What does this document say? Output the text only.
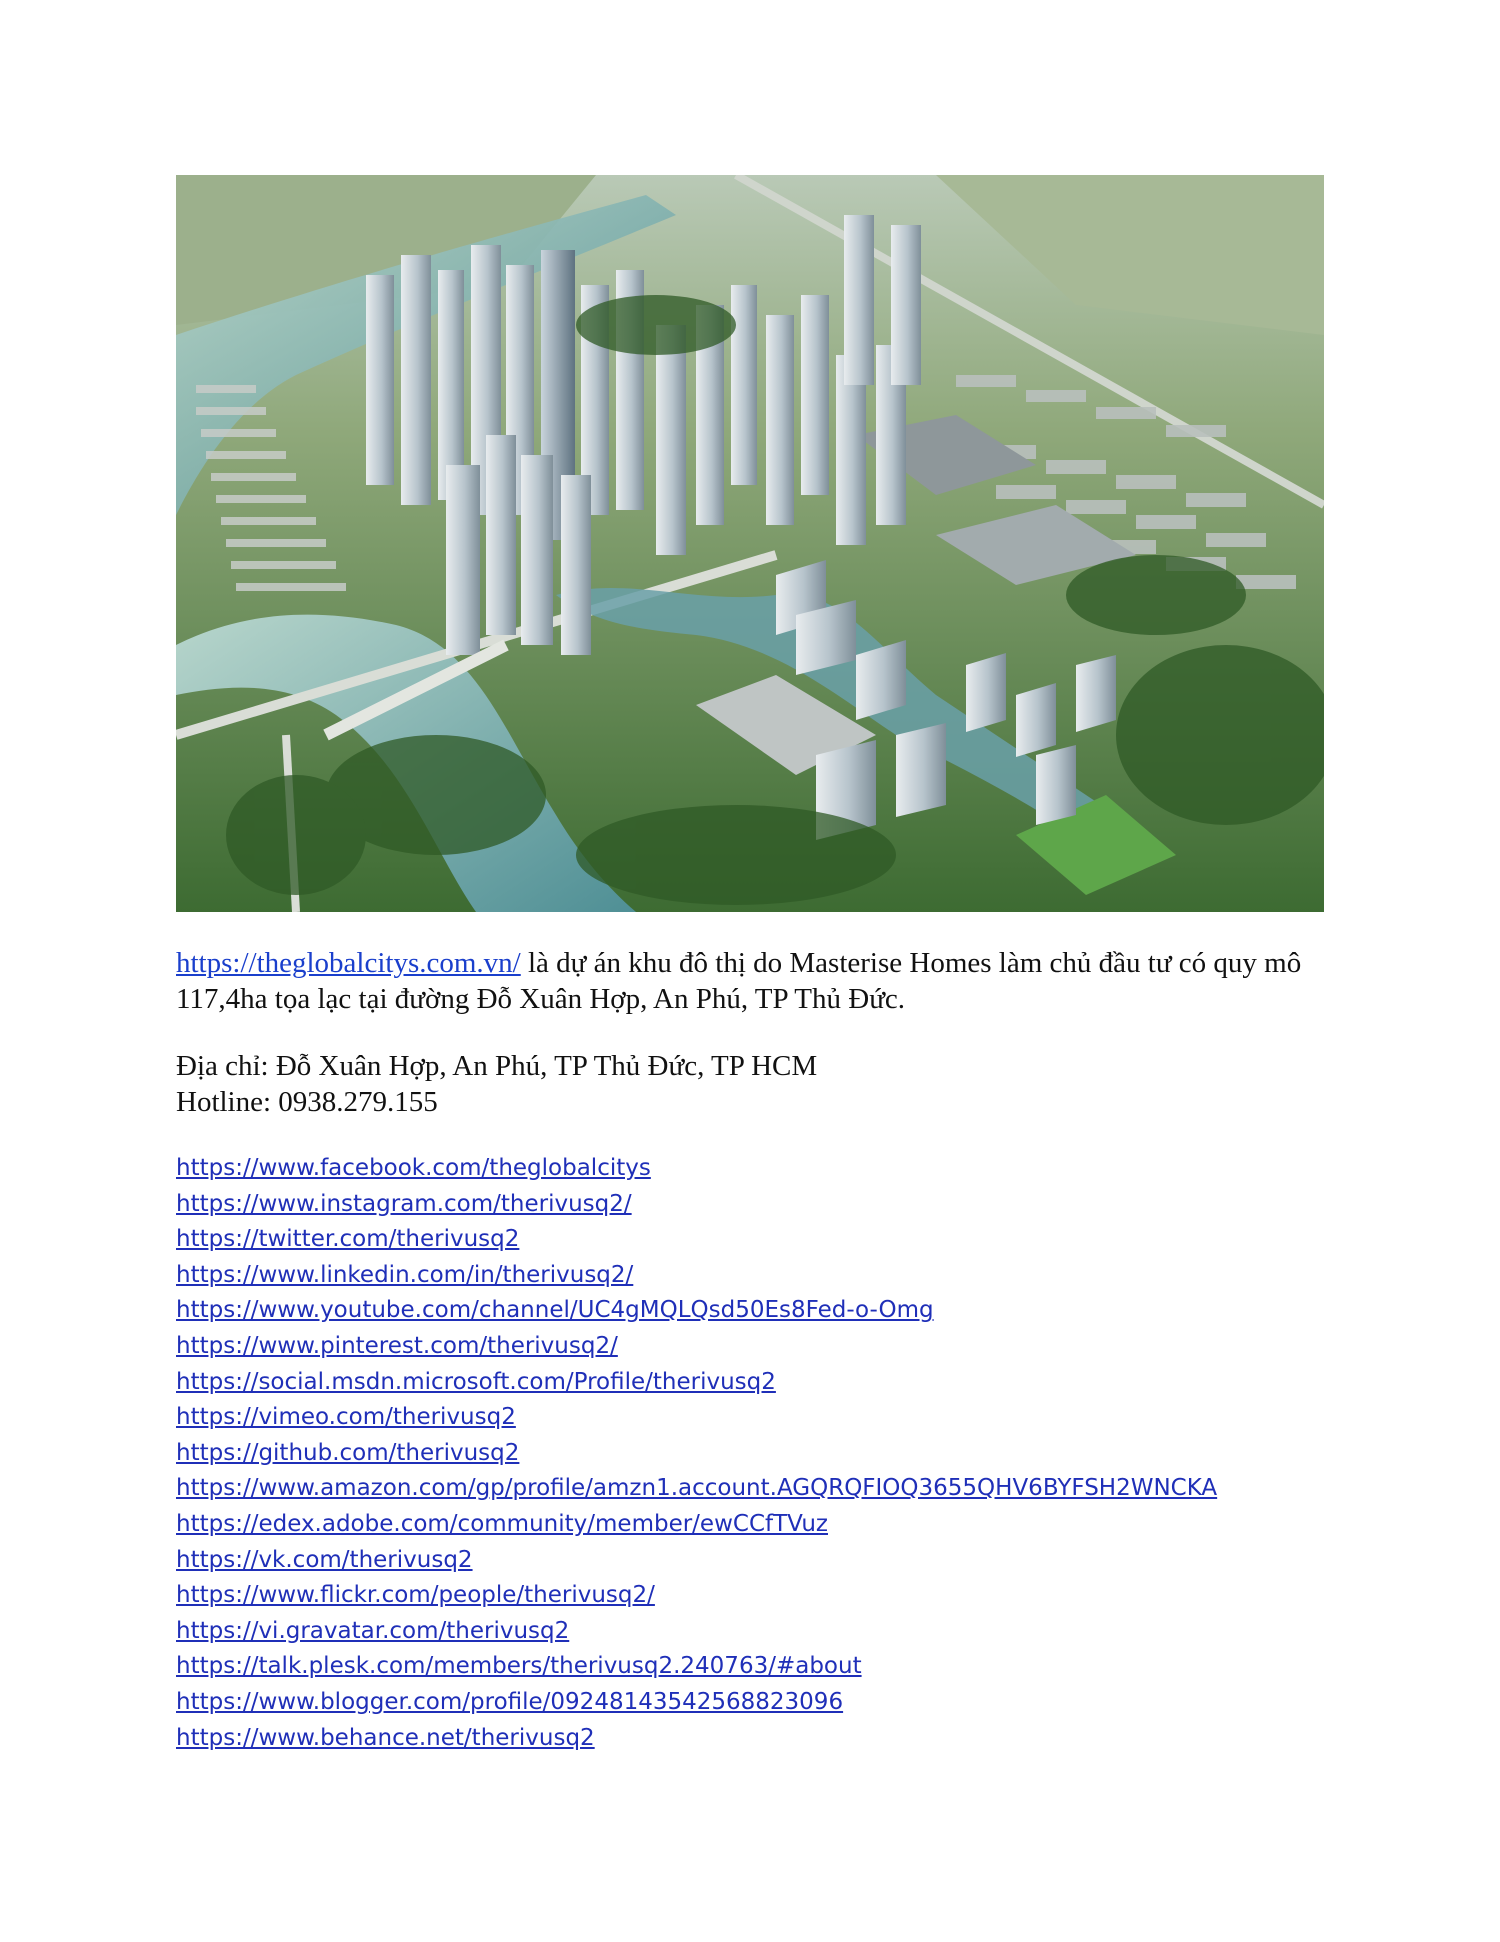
https://theglobalcitys.com.vn/ là dự án khu đô thị do Masterise Homes làm chủ đầu tư có quy mô 117,4ha tọa lạc tại đường Đỗ Xuân Hợp, An Phú, TP Thủ Đức.
Địa chỉ: Đỗ Xuân Hợp, An Phú, TP Thủ Đức, TP HCM
Hotline: 0938.279.155
https://www.facebook.com/theglobalcitys
https://www.instagram.com/therivusq2/
https://twitter.com/therivusq2
https://www.linkedin.com/in/therivusq2/
https://www.youtube.com/channel/UC4gMQLQsd50Es8Fed-o-Omg
https://www.pinterest.com/therivusq2/
https://social.msdn.microsoft.com/Profile/therivusq2
https://vimeo.com/therivusq2
https://github.com/therivusq2
https://www.amazon.com/gp/profile/amzn1.account.AGQRQFIOQ3655QHV6BYFSH2WNCKA
https://edex.adobe.com/community/member/ewCCfTVuz
https://vk.com/therivusq2
https://www.flickr.com/people/therivusq2/
https://vi.gravatar.com/therivusq2
https://talk.plesk.com/members/therivusq2.240763/#about
https://www.blogger.com/profile/09248143542568823096
https://www.behance.net/therivusq2
